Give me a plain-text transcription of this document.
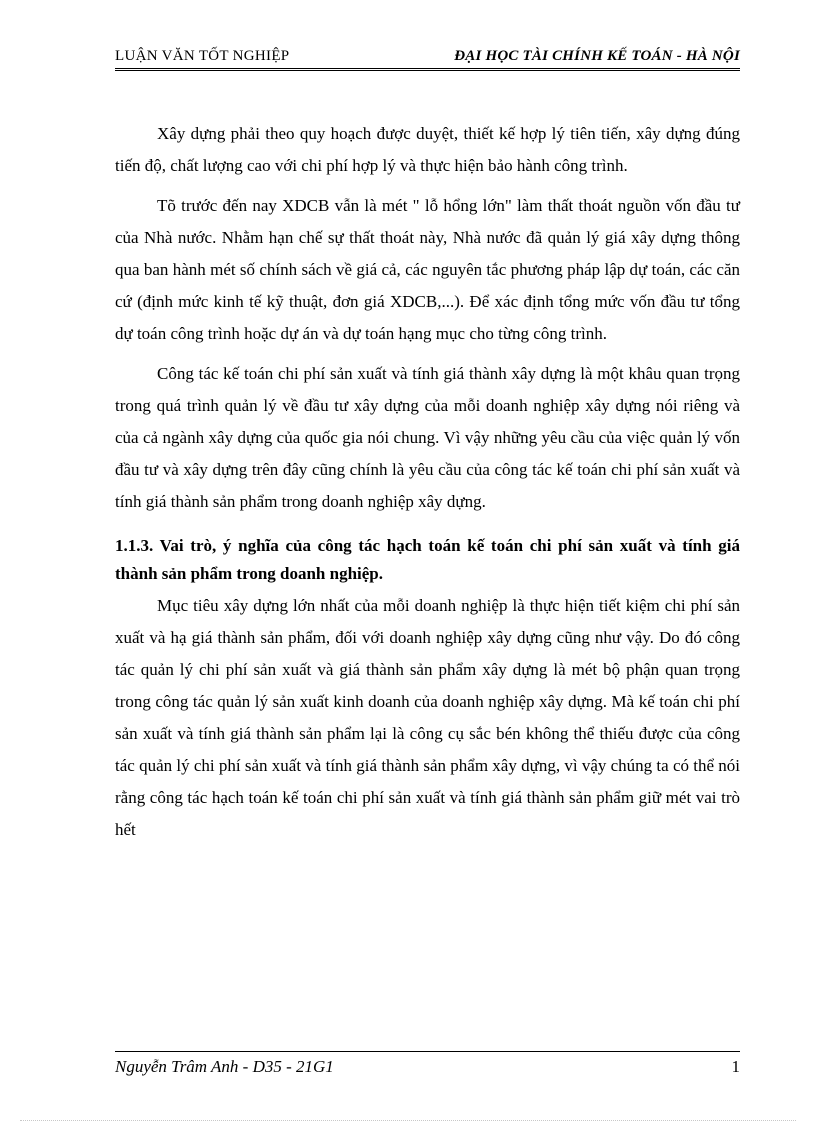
LUẬN VĂN TỐT NGHIỆP	ĐẠI HỌC TÀI CHÍNH KẾ TOÁN - HÀ NỘI

Xây dựng phải theo quy hoạch được duyệt, thiết kế hợp lý tiên tiến, xây dựng đúng tiến độ, chất lượng cao với chi phí hợp lý và thực hiện bảo hành công trình.

Tõ trước đến nay XDCB vẫn là mét " lỗ hổng lớn" làm thất thoát nguồn vốn đầu tư của Nhà nước. Nhằm hạn chế sự thất thoát này, Nhà nước đã quản lý giá xây dựng thông qua ban hành mét số chính sách về giá cả, các nguyên tắc phương pháp lập dự toán, các căn cứ (định mức kinh tế kỹ thuật, đơn giá XDCB,...). Để xác định tổng mức vốn đầu tư tổng dự toán công trình hoặc dự án và dự toán hạng mục cho từng công trình.

Công tác kế toán chi phí sản xuất và tính giá thành xây dựng là một khâu quan trọng trong quá trình quản lý về đầu tư xây dựng của mỗi doanh nghiệp xây dựng nói riêng và của cả ngành xây dựng của quốc gia nói chung. Vì vậy những yêu cầu của việc quản lý vốn đầu tư và xây dựng trên đây cũng chính là yêu cầu của công tác kế toán chi phí sản xuất và tính giá thành sản phẩm trong doanh nghiệp xây dựng.

1.1.3. Vai trò, ý nghĩa của công tác hạch toán kế toán chi phí sản xuất và tính giá thành sản phẩm trong doanh nghiệp.

Mục tiêu xây dựng lớn nhất của mỗi doanh nghiệp là thực hiện tiết kiệm chi phí sản xuất và hạ giá thành sản phẩm, đối với doanh nghiệp xây dựng cũng như vậy. Do đó công tác quản lý chi phí sản xuất và giá thành sản phẩm xây dựng là mét bộ phận quan trọng trong công tác quản lý sản xuất kinh doanh của doanh nghiệp xây dựng. Mà kế toán chi phí sản xuất và tính giá thành sản phẩm lại là công cụ sắc bén không thể thiếu được của công tác quản lý chi phí sản xuất và tính giá thành sản phẩm xây dựng, vì vậy chúng ta có thể nói rằng công tác hạch toán kế toán chi phí sản xuất và tính giá thành sản phẩm giữ mét vai trò hết

Nguyễn Trâm Anh - D35 - 21G1	1
